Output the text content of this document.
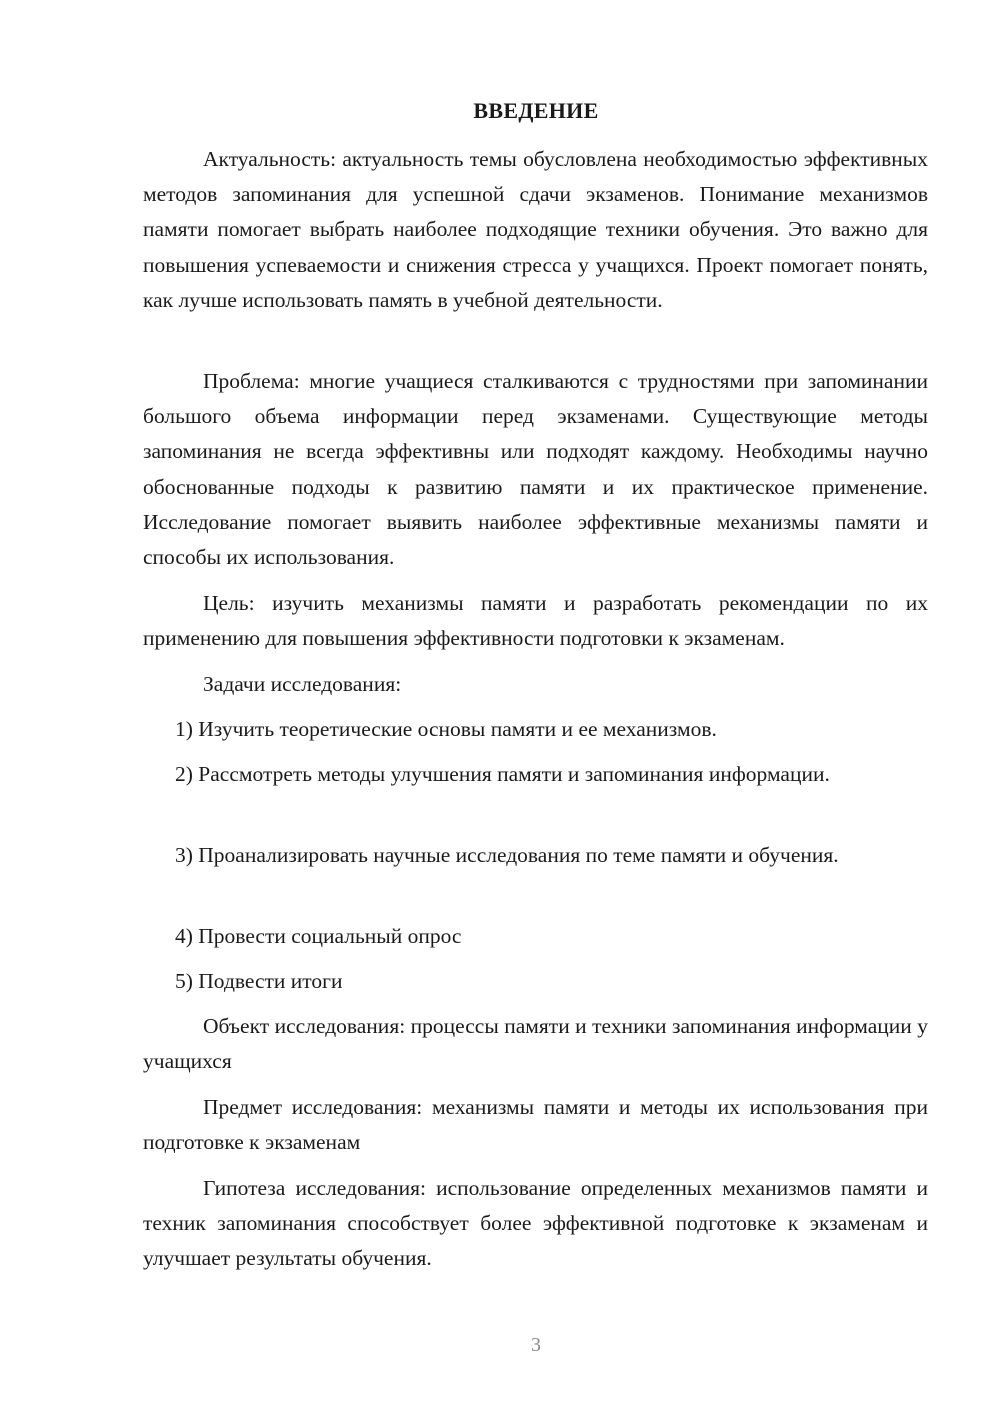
ВВЕДЕНИЕ

Актуальность: актуальность темы обусловлена необходимостью эффективных методов запоминания для успешной сдачи экзаменов. Понимание механизмов памяти помогает выбрать наиболее подходящие техники обучения. Это важно для повышения успеваемости и снижения стресса у учащихся. Проект помогает понять, как лучше использовать память в учебной деятельности.

Проблема: многие учащиеся сталкиваются с трудностями при запоминании большого объема информации перед экзаменами. Существующие методы запоминания не всегда эффективны или подходят каждому. Необходимы научно обоснованные подходы к развитию памяти и их практическое применение. Исследование помогает выявить наиболее эффективные механизмы памяти и способы их использования.

Цель: изучить механизмы памяти и разработать рекомендации по их применению для повышения эффективности подготовки к экзаменам.

Задачи исследования:

1) Изучить теоретические основы памяти и ее механизмов.

2) Рассмотреть методы улучшения памяти и запоминания информации.

3) Проанализировать научные исследования по теме памяти и обучения.

4) Провести социальный опрос

5) Подвести итоги

Объект исследования: процессы памяти и техники запоминания информации у учащихся

Предмет исследования: механизмы памяти и методы их использования при подготовке к экзаменам

Гипотеза исследования: использование определенных механизмов памяти и техник запоминания способствует более эффективной подготовке к экзаменам и улучшает результаты обучения.

3
